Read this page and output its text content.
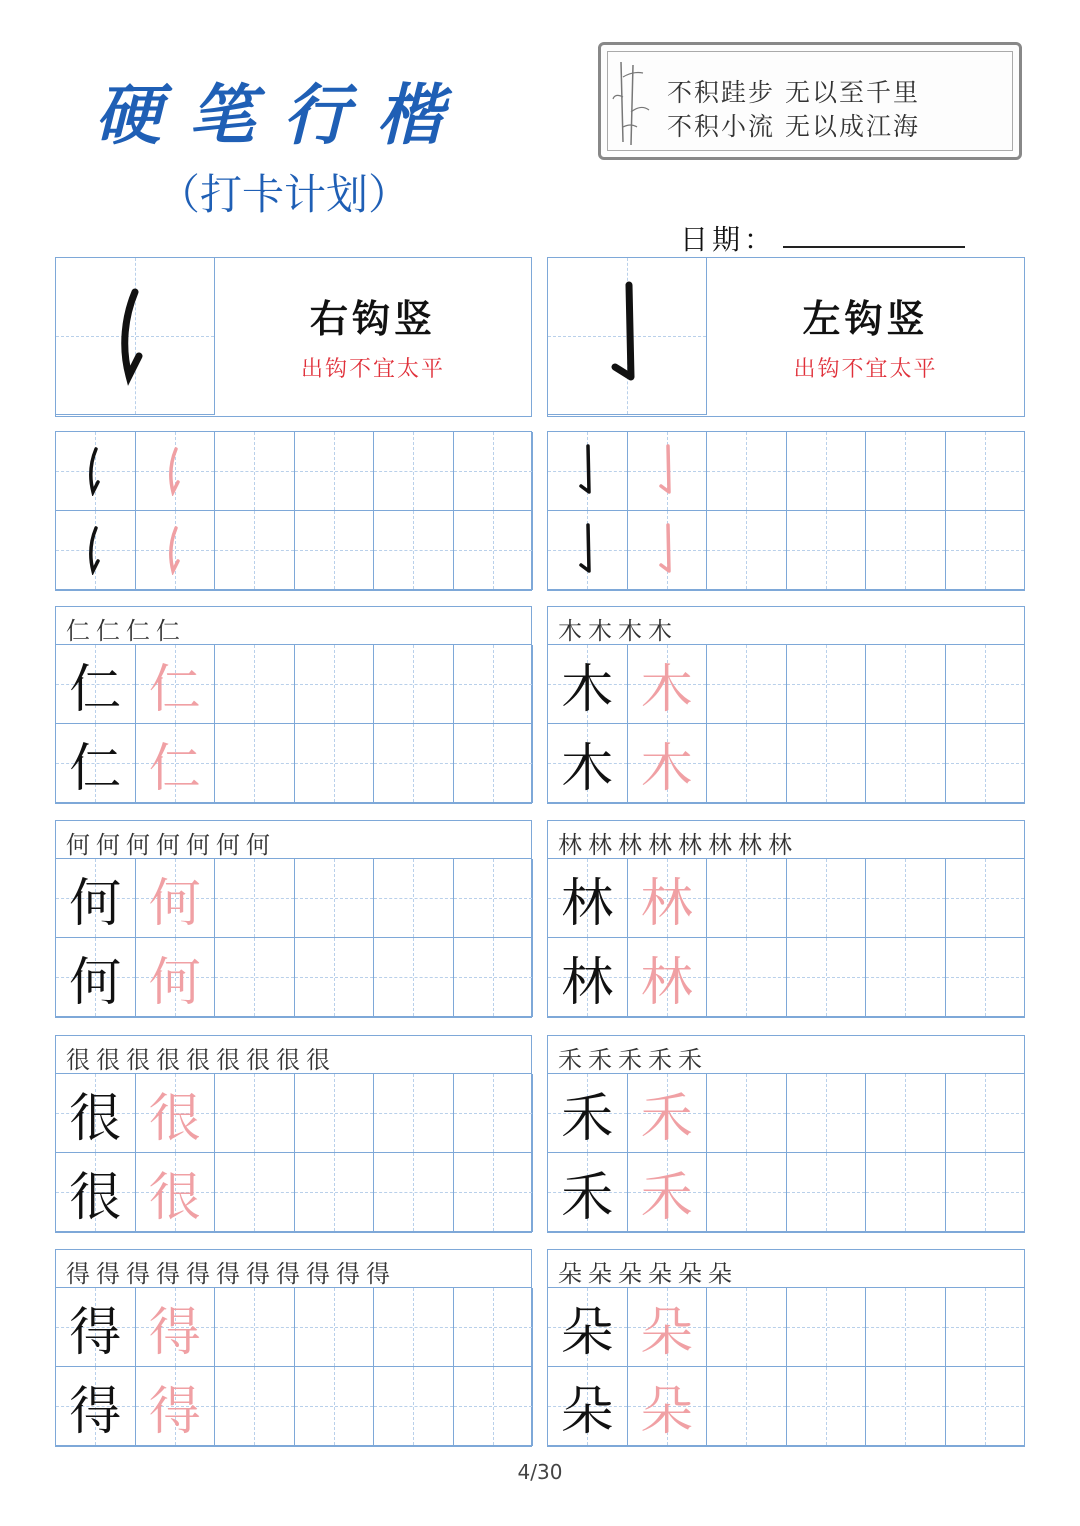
硬笔行楷
（打卡计划）
不积跬步 无以至千里
不积小流 无以成江海
日期：
右钩竖
出钩不宜太平
左钩竖
出钩不宜太平
仁仁仁仁
仁 仁
仁 仁
木木木木
木 木
木 木
何何何何何何何
何 何
何 何
林林林林林林林林
林 林
林 林
很很很很很很很很很
很 很
很 很
禾禾禾禾禾
禾 禾
禾 禾
得得得得得得得得得得得
得 得
得 得
朵朵朵朵朵朵
朵 朵
朵 朵
4/30
